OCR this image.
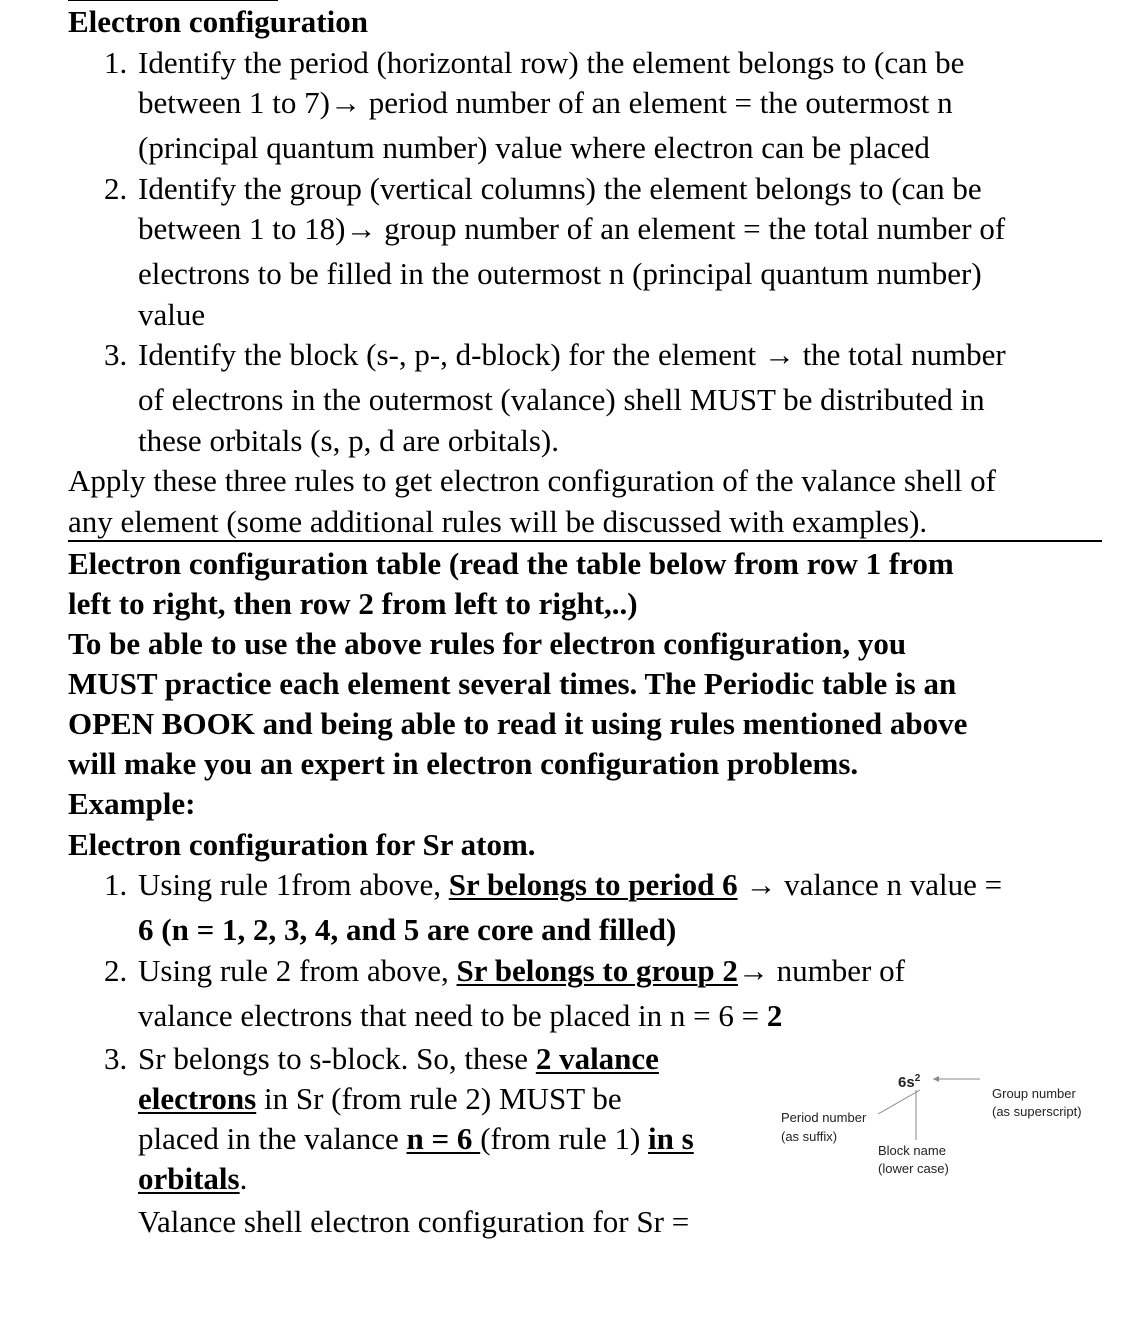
Electron configuration
1. Identify the period (horizontal row) the element belongs to (can be
between 1 to 7)→ period number of an element = the outermost n
(principal quantum number) value where electron can be placed
2. Identify the group (vertical columns) the element belongs to (can be
between 1 to 18)→ group number of an element = the total number of
electrons to be filled in the outermost n (principal quantum number)
value
3. Identify the block (s-, p-, d-block) for the element → the total number
of electrons in the outermost (valance) shell MUST be distributed in
these orbitals (s, p, d are orbitals).
Apply these three rules to get electron configuration of the valance shell of
any element (some additional rules will be discussed with examples).
Electron configuration table (read the table below from row 1 from
left to right, then row 2 from left to right,..)
To be able to use the above rules for electron configuration, you
MUST practice each element several times. The Periodic table is an
OPEN BOOK and being able to read it using rules mentioned above
will make you an expert in electron configuration problems.
Example:
Electron configuration for Sr atom.
1. Using rule 1from above, Sr belongs to period 6 → valance n value =
6 (n = 1, 2, 3, 4, and 5 are core and filled)
2. Using rule 2 from above, Sr belongs to group 2→ number of
valance electrons that need to be placed in n = 6 = 2
3. Sr belongs to s-block. So, these 2 valance
electrons in Sr (from rule 2) MUST be
placed in the valance n = 6 (from rule 1) in s
orbitals.
Valance shell electron configuration for Sr =
$6s^2$
Period number
(as suffix)
Block name
(lower case)
Group number
(as superscript)
